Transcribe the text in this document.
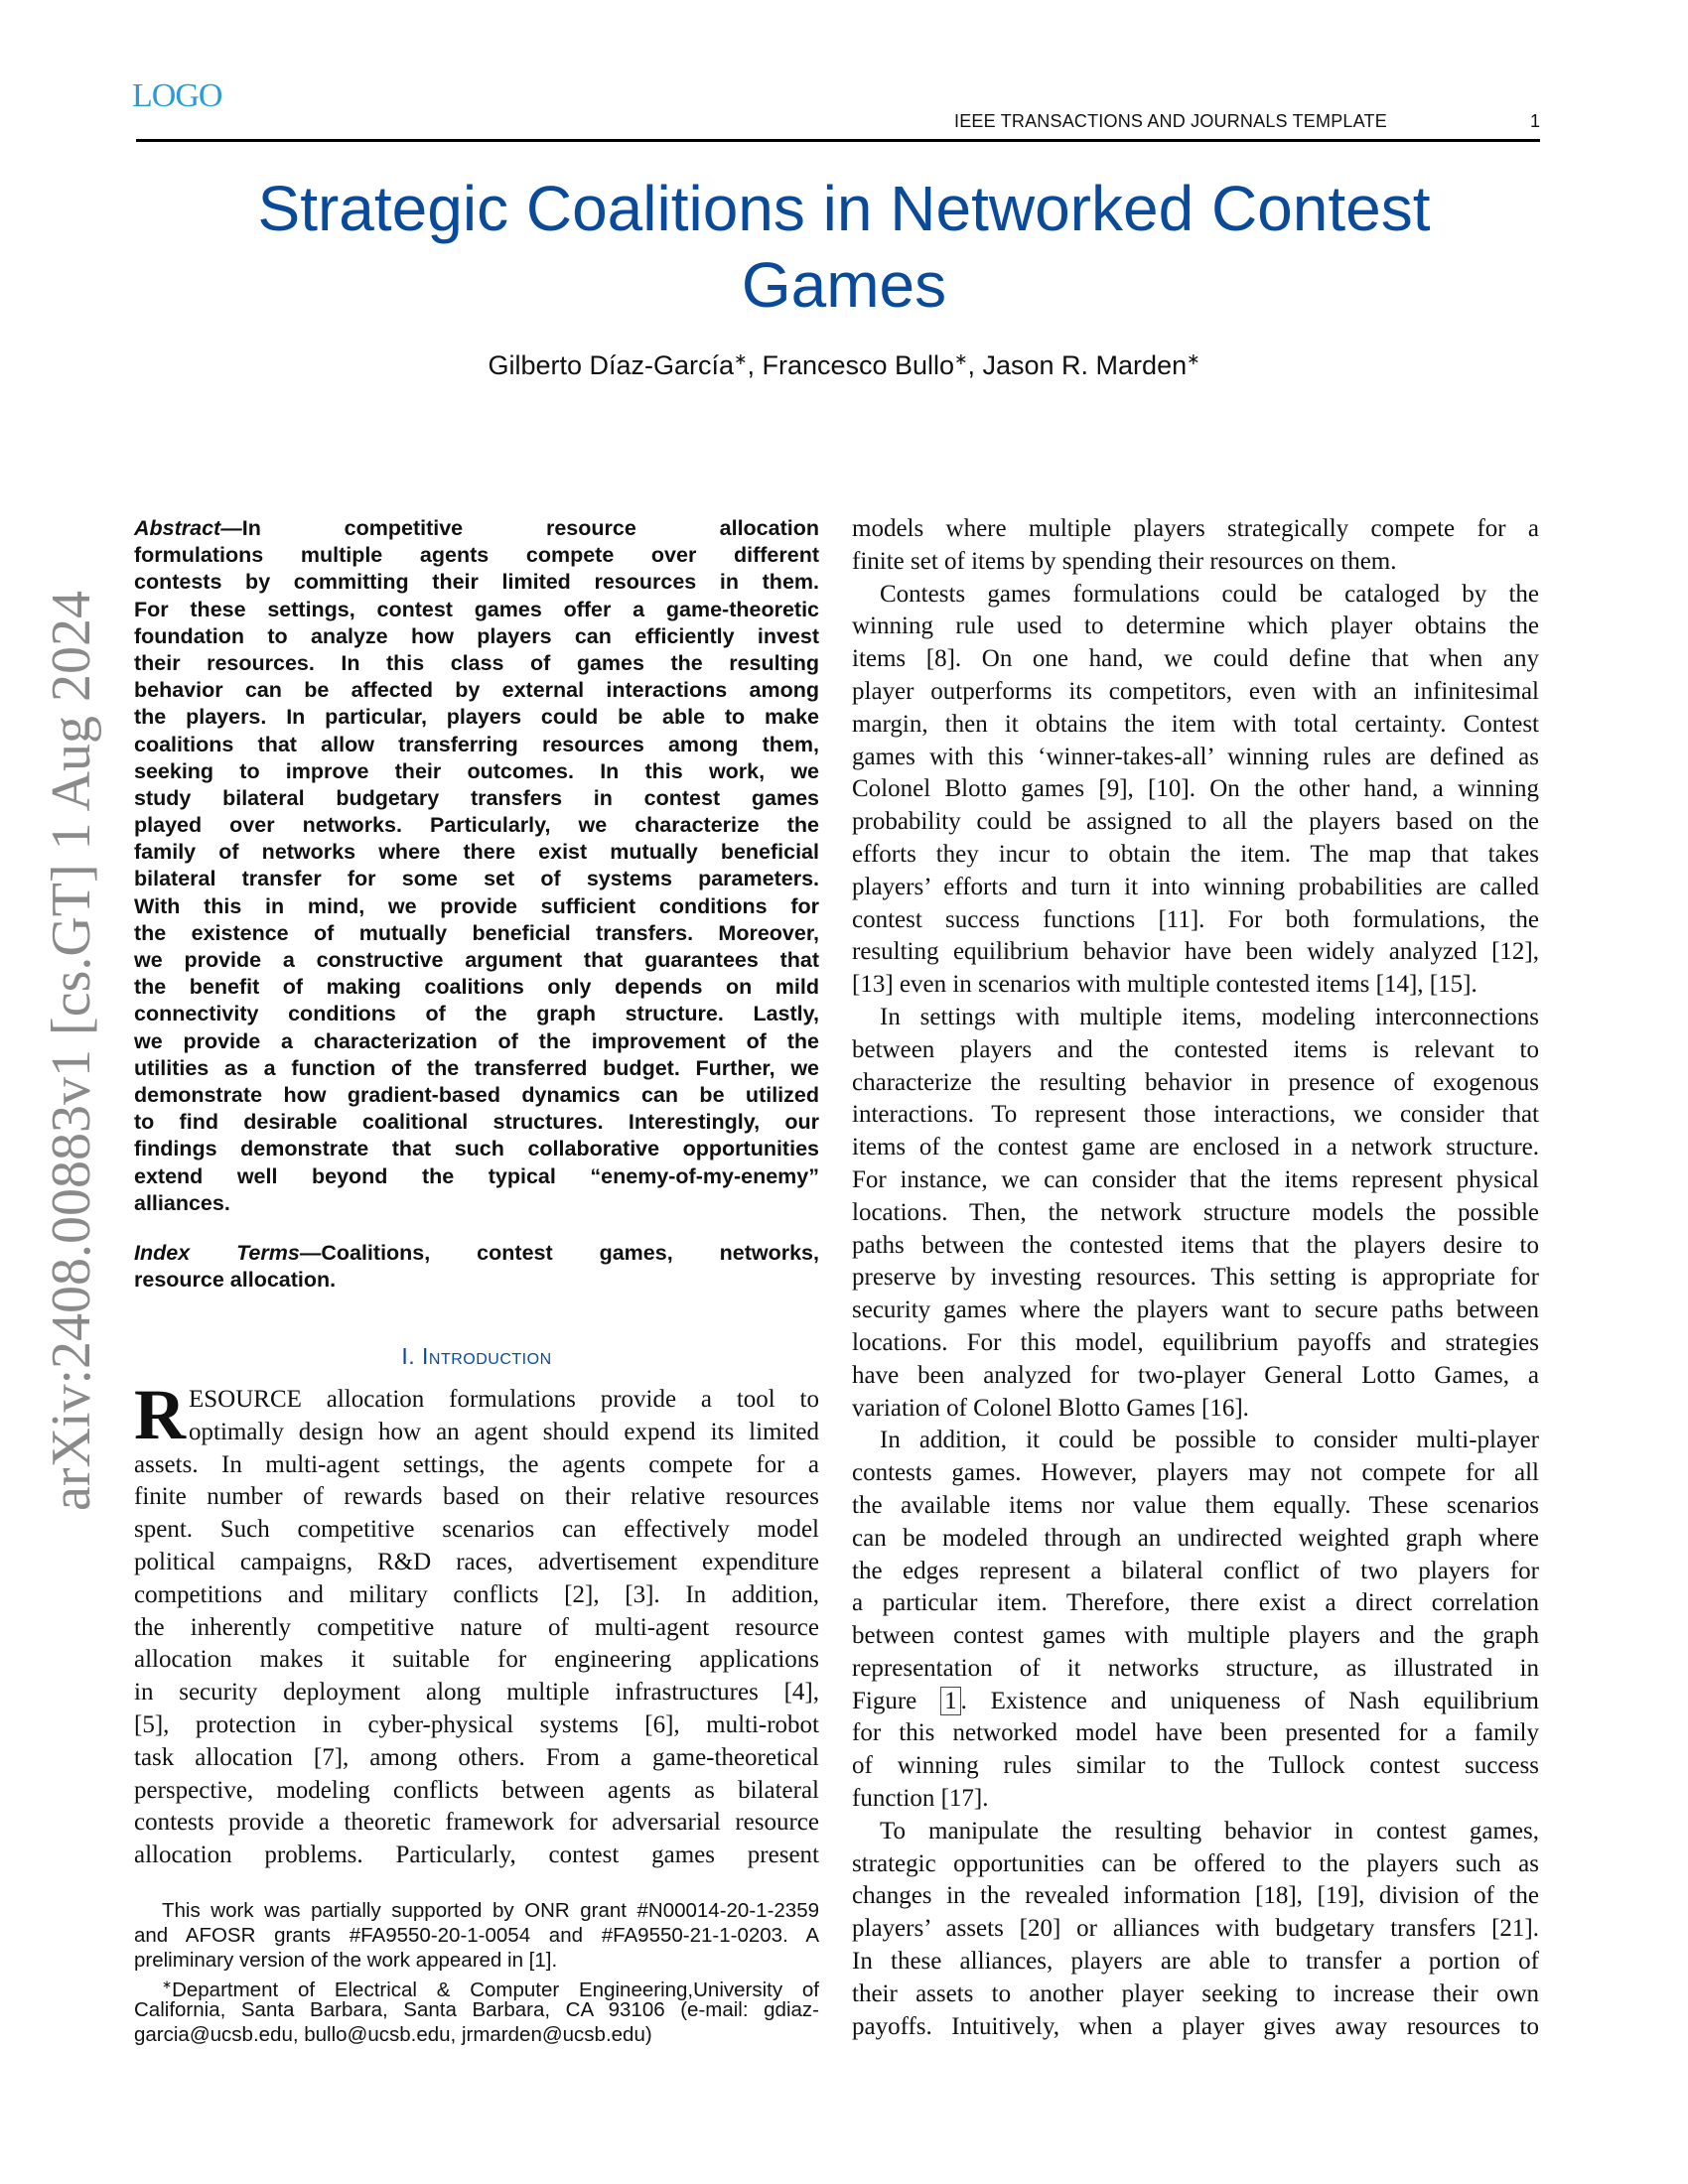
LOGO
IEEE TRANSACTIONS AND JOURNALS TEMPLATE	1
Strategic Coalitions in Networked Contest
Games
Gilberto Díaz-García∗, Francesco Bullo∗, Jason R. Marden∗
arXiv:2408.00883v1 [cs.GT] 1 Aug 2024
Abstract—In competitive resource allocation
formulations multiple agents compete over different
contests by committing their limited resources in them.
For these settings, contest games offer a game-theoretic
foundation to analyze how players can efficiently invest
their resources. In this class of games the resulting
behavior can be affected by external interactions among
the players. In particular, players could be able to make
coalitions that allow transferring resources among them,
seeking to improve their outcomes. In this work, we
study bilateral budgetary transfers in contest games
played over networks. Particularly, we characterize the
family of networks where there exist mutually beneficial
bilateral transfer for some set of systems parameters.
With this in mind, we provide sufficient conditions for
the existence of mutually beneficial transfers. Moreover,
we provide a constructive argument that guarantees that
the benefit of making coalitions only depends on mild
connectivity conditions of the graph structure. Lastly,
we provide a characterization of the improvement of the
utilities as a function of the transferred budget. Further, we
demonstrate how gradient-based dynamics can be utilized
to find desirable coalitional structures. Interestingly, our
findings demonstrate that such collaborative opportunities
extend well beyond the typical “enemy-of-my-enemy”
alliances.
Index Terms—Coalitions, contest games, networks,
resource allocation.
I. Introduction
R ESOURCE allocation formulations provide a tool to
optimally design how an agent should expend its limited
assets. In multi-agent settings, the agents compete for a
finite number of rewards based on their relative resources
spent. Such competitive scenarios can effectively model
political campaigns, R&D races, advertisement expenditure
competitions and military conflicts [2], [3]. In addition,
the inherently competitive nature of multi-agent resource
allocation makes it suitable for engineering applications
in security deployment along multiple infrastructures [4],
[5], protection in cyber-physical systems [6], multi-robot
task allocation [7], among others. From a game-theoretical
perspective, modeling conflicts between agents as bilateral
contests provide a theoretic framework for adversarial resource
allocation problems. Particularly, contest games present
models where multiple players strategically compete for a
finite set of items by spending their resources on them.
Contests games formulations could be cataloged by the
winning rule used to determine which player obtains the
items [8]. On one hand, we could define that when any
player outperforms its competitors, even with an infinitesimal
margin, then it obtains the item with total certainty. Contest
games with this ‘winner-takes-all’ winning rules are defined as
Colonel Blotto games [9], [10]. On the other hand, a winning
probability could be assigned to all the players based on the
efforts they incur to obtain the item. The map that takes
players’ efforts and turn it into winning probabilities are called
contest success functions [11]. For both formulations, the
resulting equilibrium behavior have been widely analyzed [12],
[13] even in scenarios with multiple contested items [14], [15].
In settings with multiple items, modeling interconnections
between players and the contested items is relevant to
characterize the resulting behavior in presence of exogenous
interactions. To represent those interactions, we consider that
items of the contest game are enclosed in a network structure.
For instance, we can consider that the items represent physical
locations. Then, the network structure models the possible
paths between the contested items that the players desire to
preserve by investing resources. This setting is appropriate for
security games where the players want to secure paths between
locations. For this model, equilibrium payoffs and strategies
have been analyzed for two-player General Lotto Games, a
variation of Colonel Blotto Games [16].
In addition, it could be possible to consider multi-player
contests games. However, players may not compete for all
the available items nor value them equally. These scenarios
can be modeled through an undirected weighted graph where
the edges represent a bilateral conflict of two players for
a particular item. Therefore, there exist a direct correlation
between contest games with multiple players and the graph
representation of it networks structure, as illustrated in
Figure 1 . Existence and uniqueness of Nash equilibrium
for this networked model have been presented for a family
of winning rules similar to the Tullock contest success
function [17].
To manipulate the resulting behavior in contest games,
strategic opportunities can be offered to the players such as
changes in the revealed information [18], [19], division of the
players’ assets [20] or alliances with budgetary transfers [21].
In these alliances, players are able to transfer a portion of
their assets to another player seeking to increase their own
payoffs. Intuitively, when a player gives away resources to
This work was partially supported by ONR grant #N00014-20-1-2359
and AFOSR grants #FA9550-20-1-0054 and #FA9550-21-1-0203. A
preliminary version of the work appeared in [1].
∗Department of Electrical & Computer Engineering,University of
California, Santa Barbara, Santa Barbara, CA 93106 (e-mail: gdiaz-
garcia@ucsb.edu, bullo@ucsb.edu, jrmarden@ucsb.edu)
